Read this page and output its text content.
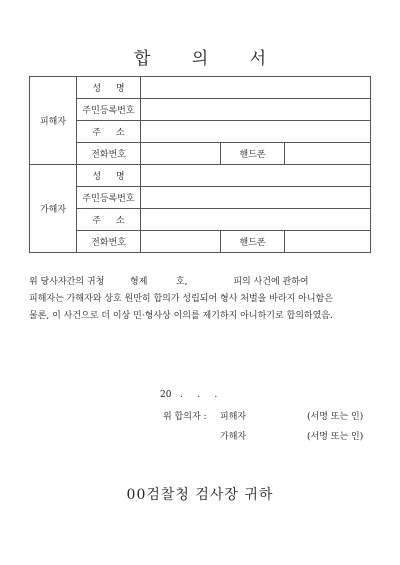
합 의 서
피해자	성 명			
	주민등록번호			
	주 소			
	전화번호		핸드폰	
가해자	성 명			
	주민등록번호			
	주 소			
	전화번호		핸드폰	
위 당사자간의 귀청         형제          호,                피의 사건에 관하여
피해자는 가해자와 상호 원만히 합의가 성립되어 형사 처벌을 바라지 아니함은
물론, 이 사건으로 더 이상 민·형사상 이의를 제기하지 아니하기로 합의하였음.
20   .     .     .
위 합의자 : 피해자	(서명 또는 인)
가해자	(서명 또는 인)
00검찰청 검사장 귀하
